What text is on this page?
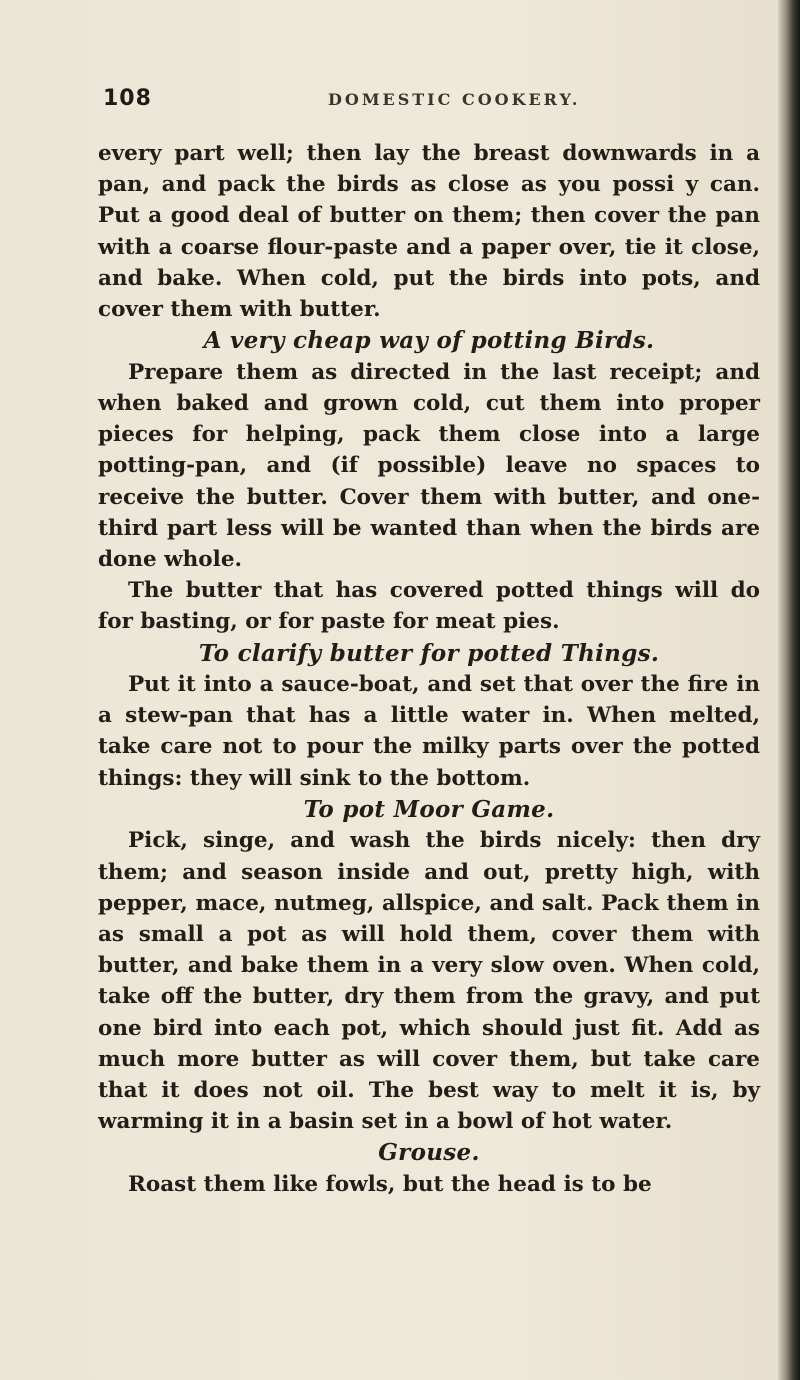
108	DOMESTIC COOKERY.

every part well; then lay the breast downwards in a pan, and pack the birds as close as you possi y can. Put a good deal of butter on them; then cover the pan with a coarse flour-paste and a paper over, tie it close, and bake. When cold, put the birds into pots, and cover them with butter.

A very cheap way of potting Birds.

Prepare them as directed in the last receipt; and when baked and grown cold, cut them into proper pieces for helping, pack them close into a large potting-pan, and (if possible) leave no spaces to receive the butter. Cover them with butter, and one-third part less will be wanted than when the birds are done whole.

The butter that has covered potted things will do for basting, or for paste for meat pies.

To clarify butter for potted Things.

Put it into a sauce-boat, and set that over the fire in a stew-pan that has a little water in. When melted, take care not to pour the milky parts over the potted things: they will sink to the bottom.

To pot Moor Game.

Pick, singe, and wash the birds nicely: then dry them; and season inside and out, pretty high, with pepper, mace, nutmeg, allspice, and salt. Pack them in as small a pot as will hold them, cover them with butter, and bake them in a very slow oven. When cold, take off the butter, dry them from the gravy, and put one bird into each pot, which should just fit. Add as much more butter as will cover them, but take care that it does not oil. The best way to melt it is, by warming it in a basin set in a bowl of hot water.

Grouse.

Roast them like fowls, but the head is to be
